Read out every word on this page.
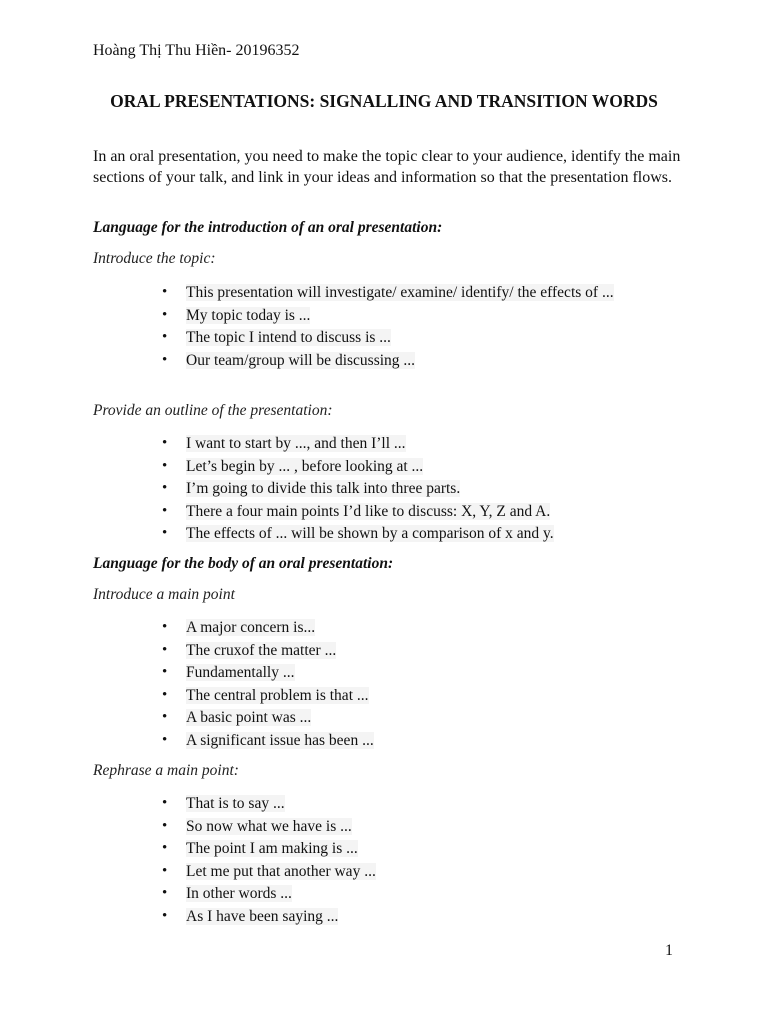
Hoàng Thị Thu Hiền- 20196352
ORAL PRESENTATIONS: SIGNALLING AND TRANSITION WORDS
In an oral presentation, you need to make the topic clear to your audience, identify the main sections of your talk, and link in your ideas and information so that the presentation flows.
Language for the introduction of an oral presentation:
Introduce the topic:
• This presentation will investigate/ examine/ identify/ the effects of ...
• My topic today is ...
• The topic I intend to discuss is ...
• Our team/group will be discussing ...
Provide an outline of the presentation:
• I want to start by ..., and then I’ll ...
• Let’s begin by ... , before looking at ...
• I’m going to divide this talk into three parts.
• There a four main points I’d like to discuss: X, Y, Z and A.
• The effects of ... will be shown by a comparison of x and y.
Language for the body of an oral presentation:
Introduce a main point
• A major concern is...
• The cruxof the matter ...
• Fundamentally ...
• The central problem is that ...
• A basic point was ...
• A significant issue has been ...
Rephrase a main point:
• That is to say ...
• So now what we have is ...
• The point I am making is ...
• Let me put that another way ...
• In other words ...
• As I have been saying ...
1
